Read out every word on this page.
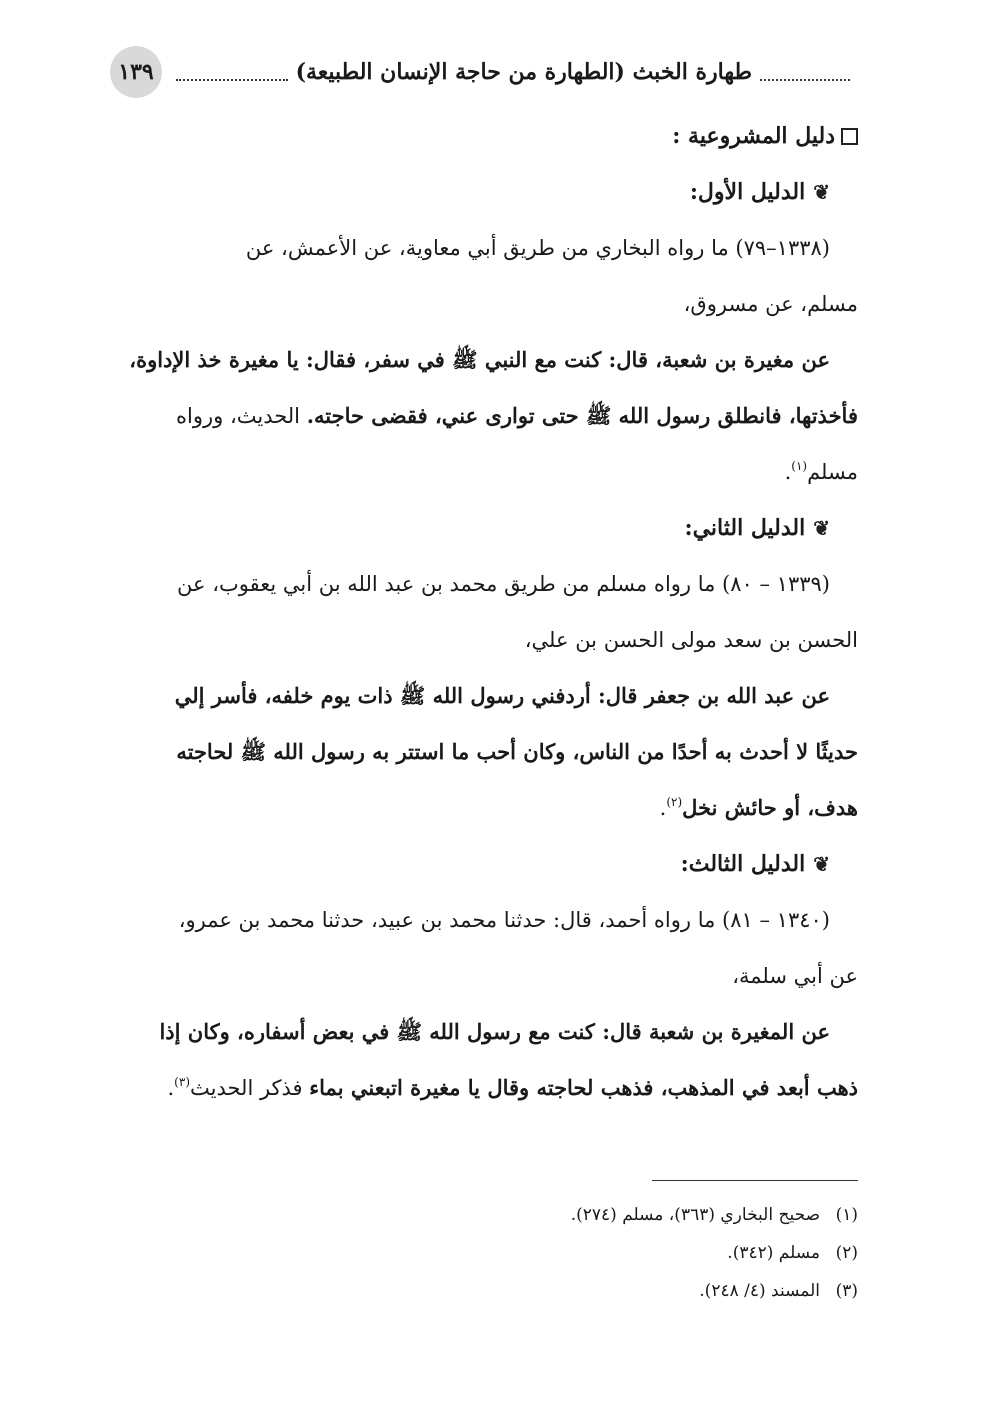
طهارة الخبث (الطهارة من حاجة الإنسان الطبيعة)
١٣٩

دليل المشروعية :

❦
الدليل الأول:

(١٣٣٨–٧٩) ما رواه البخاري من طريق أبي معاوية، عن الأعمش، عن

مسلم، عن مسروق،

عن مغيرة بن شعبة، قال: كنت مع النبي ﷺ في سفر، فقال: يا مغيرة خذ الإداوة،

فأخذتها، فانطلق رسول الله ﷺ حتى توارى عني، فقضى حاجته. الحديث، ورواه

مسلم$^{(١)}$.

❦
الدليل الثاني:

(١٣٣٩ – ٨٠) ما رواه مسلم من طريق محمد بن عبد الله بن أبي يعقوب، عن

الحسن بن سعد مولى الحسن بن علي،

عن عبد الله بن جعفر قال: أردفني رسول الله ﷺ ذات يوم خلفه، فأسر إلي

حديثًا لا أحدث به أحدًا من الناس، وكان أحب ما استتر به رسول الله ﷺ لحاجته

هدف، أو حائش نخل$^{(٢)}$.

❦
الدليل الثالث:

(١٣٤٠ – ٨١) ما رواه أحمد، قال: حدثنا محمد بن عبيد، حدثنا محمد بن عمرو،

عن أبي سلمة،

عن المغيرة بن شعبة قال: كنت مع رسول الله ﷺ في بعض أسفاره، وكان إذا

ذهب أبعد في المذهب، فذهب لحاجته وقال يا مغيرة اتبعني بماء فذكر الحديث$^{(٣)}$.

(١)صحيح البخاري (٣٦٣)، مسلم (٢٧٤).
(٢)مسلم (٣٤٢).
(٣)المسند (٤/ ٢٤٨).
